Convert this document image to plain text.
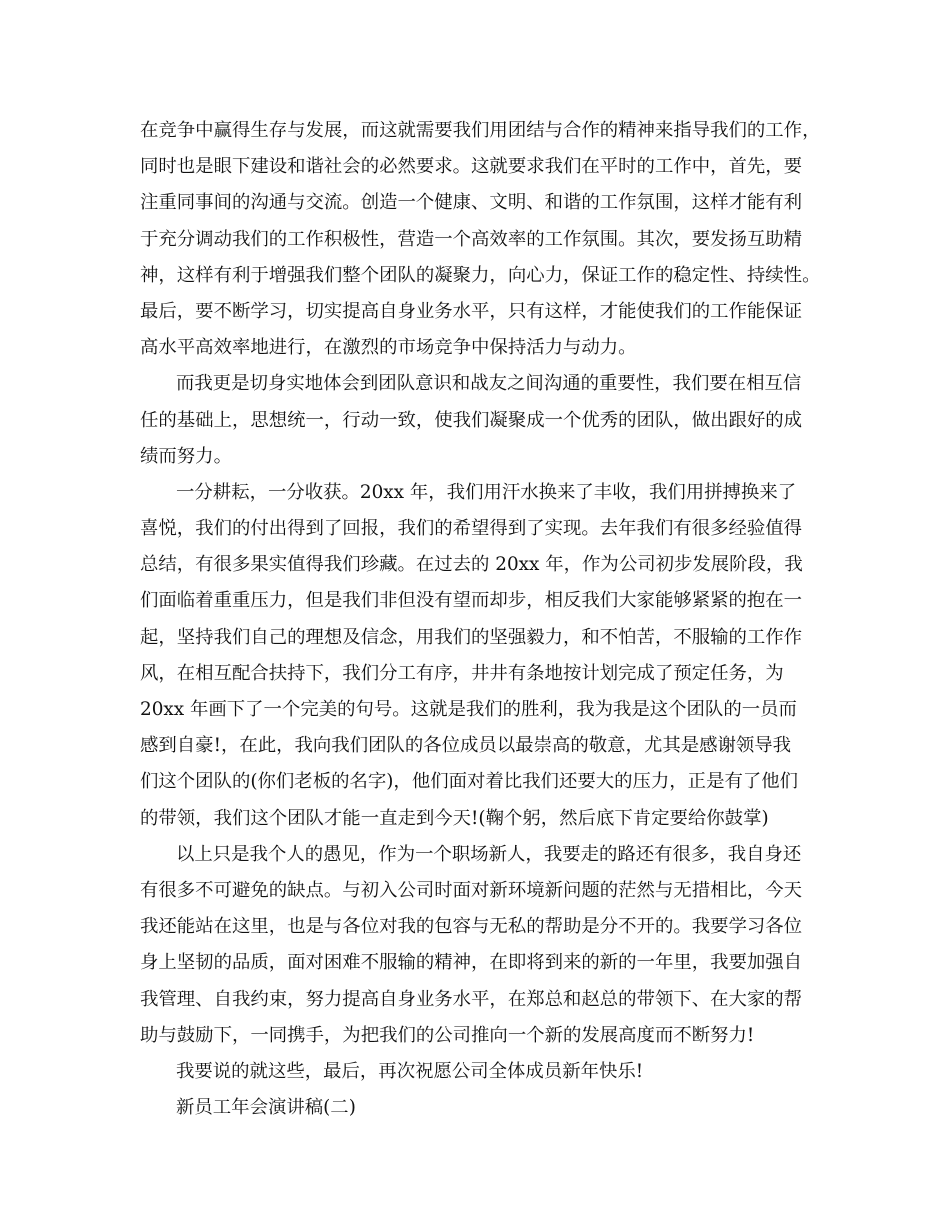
在竞争中赢得生存与发展，而这就需要我们用团结与合作的精神来指导我们的工作，
同时也是眼下建设和谐社会的必然要求。这就要求我们在平时的工作中，首先，要
注重同事间的沟通与交流。创造一个健康、文明、和谐的工作氛围，这样才能有利
于充分调动我们的工作积极性，营造一个高效率的工作氛围。其次，要发扬互助精
神，这样有利于增强我们整个团队的凝聚力，向心力，保证工作的稳定性、持续性。
最后，要不断学习，切实提高自身业务水平，只有这样，才能使我们的工作能保证
高水平高效率地进行，在激烈的市场竞争中保持活力与动力。
而我更是切身实地体会到团队意识和战友之间沟通的重要性，我们要在相互信
任的基础上，思想统一，行动一致，使我们凝聚成一个优秀的团队，做出跟好的成
绩而努力。
一分耕耘，一分收获。20xx 年，我们用汗水换来了丰收，我们用拼搏换来了
喜悦，我们的付出得到了回报，我们的希望得到了实现。去年我们有很多经验值得
总结，有很多果实值得我们珍藏。在过去的 20xx 年，作为公司初步发展阶段，我
们面临着重重压力，但是我们非但没有望而却步，相反我们大家能够紧紧的抱在一
起，坚持我们自己的理想及信念，用我们的坚强毅力，和不怕苦，不服输的工作作
风，在相互配合扶持下，我们分工有序，井井有条地按计划完成了预定任务，为
20xx 年画下了一个完美的句号。这就是我们的胜利，我为我是这个团队的一员而
感到自豪!，在此，我向我们团队的各位成员以最崇高的敬意，尤其是感谢领导我
们这个团队的(你们老板的名字)，他们面对着比我们还要大的压力，正是有了他们
的带领，我们这个团队才能一直走到今天!(鞠个躬，然后底下肯定要给你鼓掌)
以上只是我个人的愚见，作为一个职场新人，我要走的路还有很多，我自身还
有很多不可避免的缺点。与初入公司时面对新环境新问题的茫然与无措相比，今天
我还能站在这里，也是与各位对我的包容与无私的帮助是分不开的。我要学习各位
身上坚韧的品质，面对困难不服输的精神，在即将到来的新的一年里，我要加强自
我管理、自我约束，努力提高自身业务水平，在郑总和赵总的带领下、在大家的帮
助与鼓励下，一同携手，为把我们的公司推向一个新的发展高度而不断努力!
我要说的就这些，最后，再次祝愿公司全体成员新年快乐!
新员工年会演讲稿(二)
